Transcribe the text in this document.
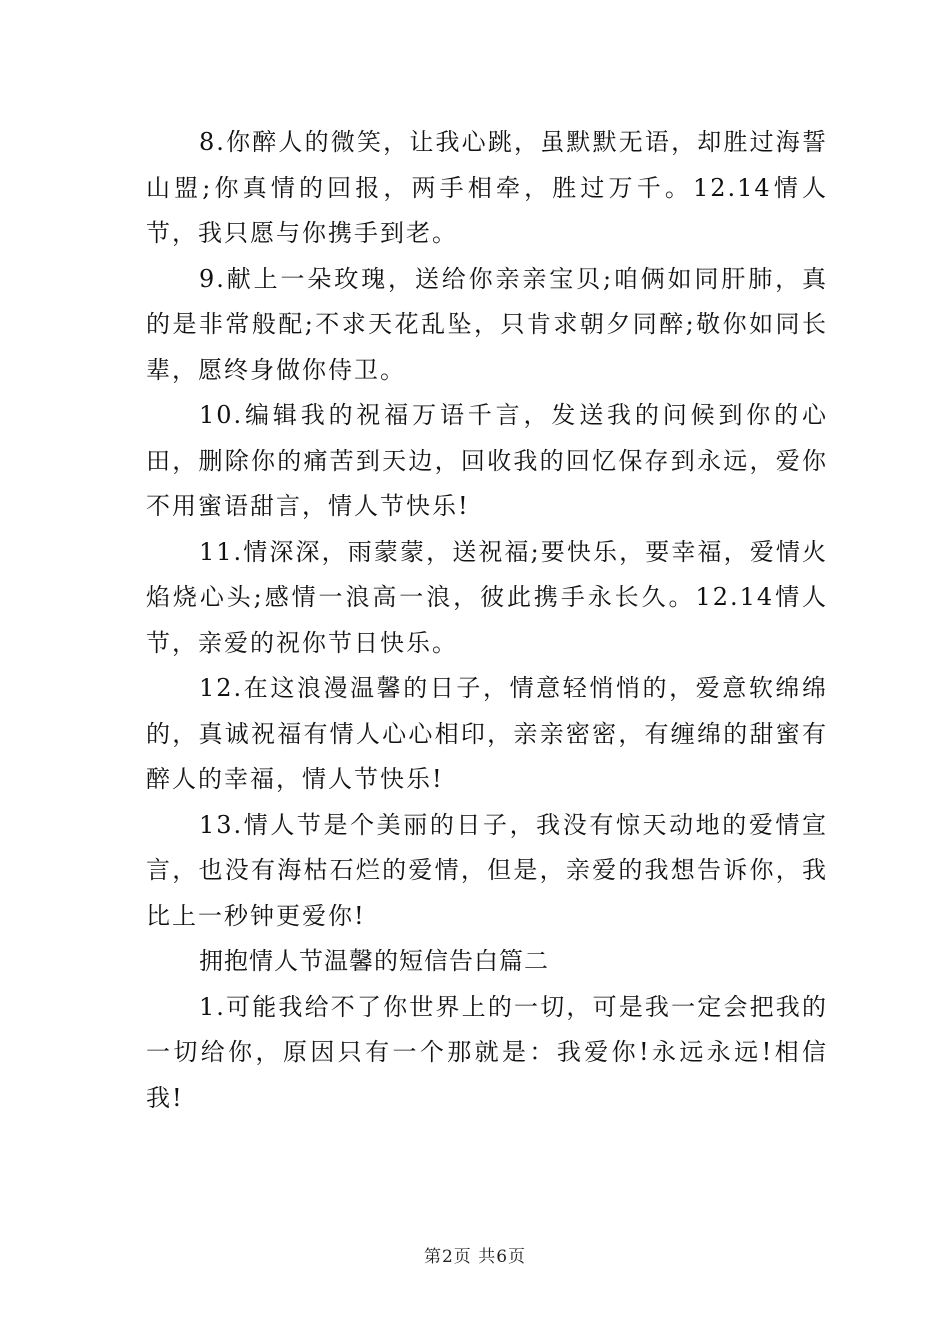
8.你醉人的微笑，让我心跳，虽默默无语，却胜过海誓山盟;你真情的回报，两手相牵，胜过万千。12.14情人节，我只愿与你携手到老。

9.献上一朵玫瑰，送给你亲亲宝贝;咱俩如同肝肺，真的是非常般配;不求天花乱坠，只肯求朝夕同醉;敬你如同长辈，愿终身做你侍卫。

10.编辑我的祝福万语千言，发送我的问候到你的心田，删除你的痛苦到天边，回收我的回忆保存到永远，爱你不用蜜语甜言，情人节快乐!

11.情深深，雨蒙蒙，送祝福;要快乐，要幸福，爱情火焰烧心头;感情一浪高一浪，彼此携手永长久。12.14情人节，亲爱的祝你节日快乐。

12.在这浪漫温馨的日子，情意轻悄悄的，爱意软绵绵的，真诚祝福有情人心心相印，亲亲密密，有缠绵的甜蜜有醉人的幸福，情人节快乐!

13.情人节是个美丽的日子，我没有惊天动地的爱情宣言，也没有海枯石烂的爱情，但是，亲爱的我想告诉你，我比上一秒钟更爱你!

拥抱情人节温馨的短信告白篇二

1.可能我给不了你世界上的一切，可是我一定会把我的一切给你，原因只有一个那就是：我爱你!永远永远!相信我!

第2页 共6页
